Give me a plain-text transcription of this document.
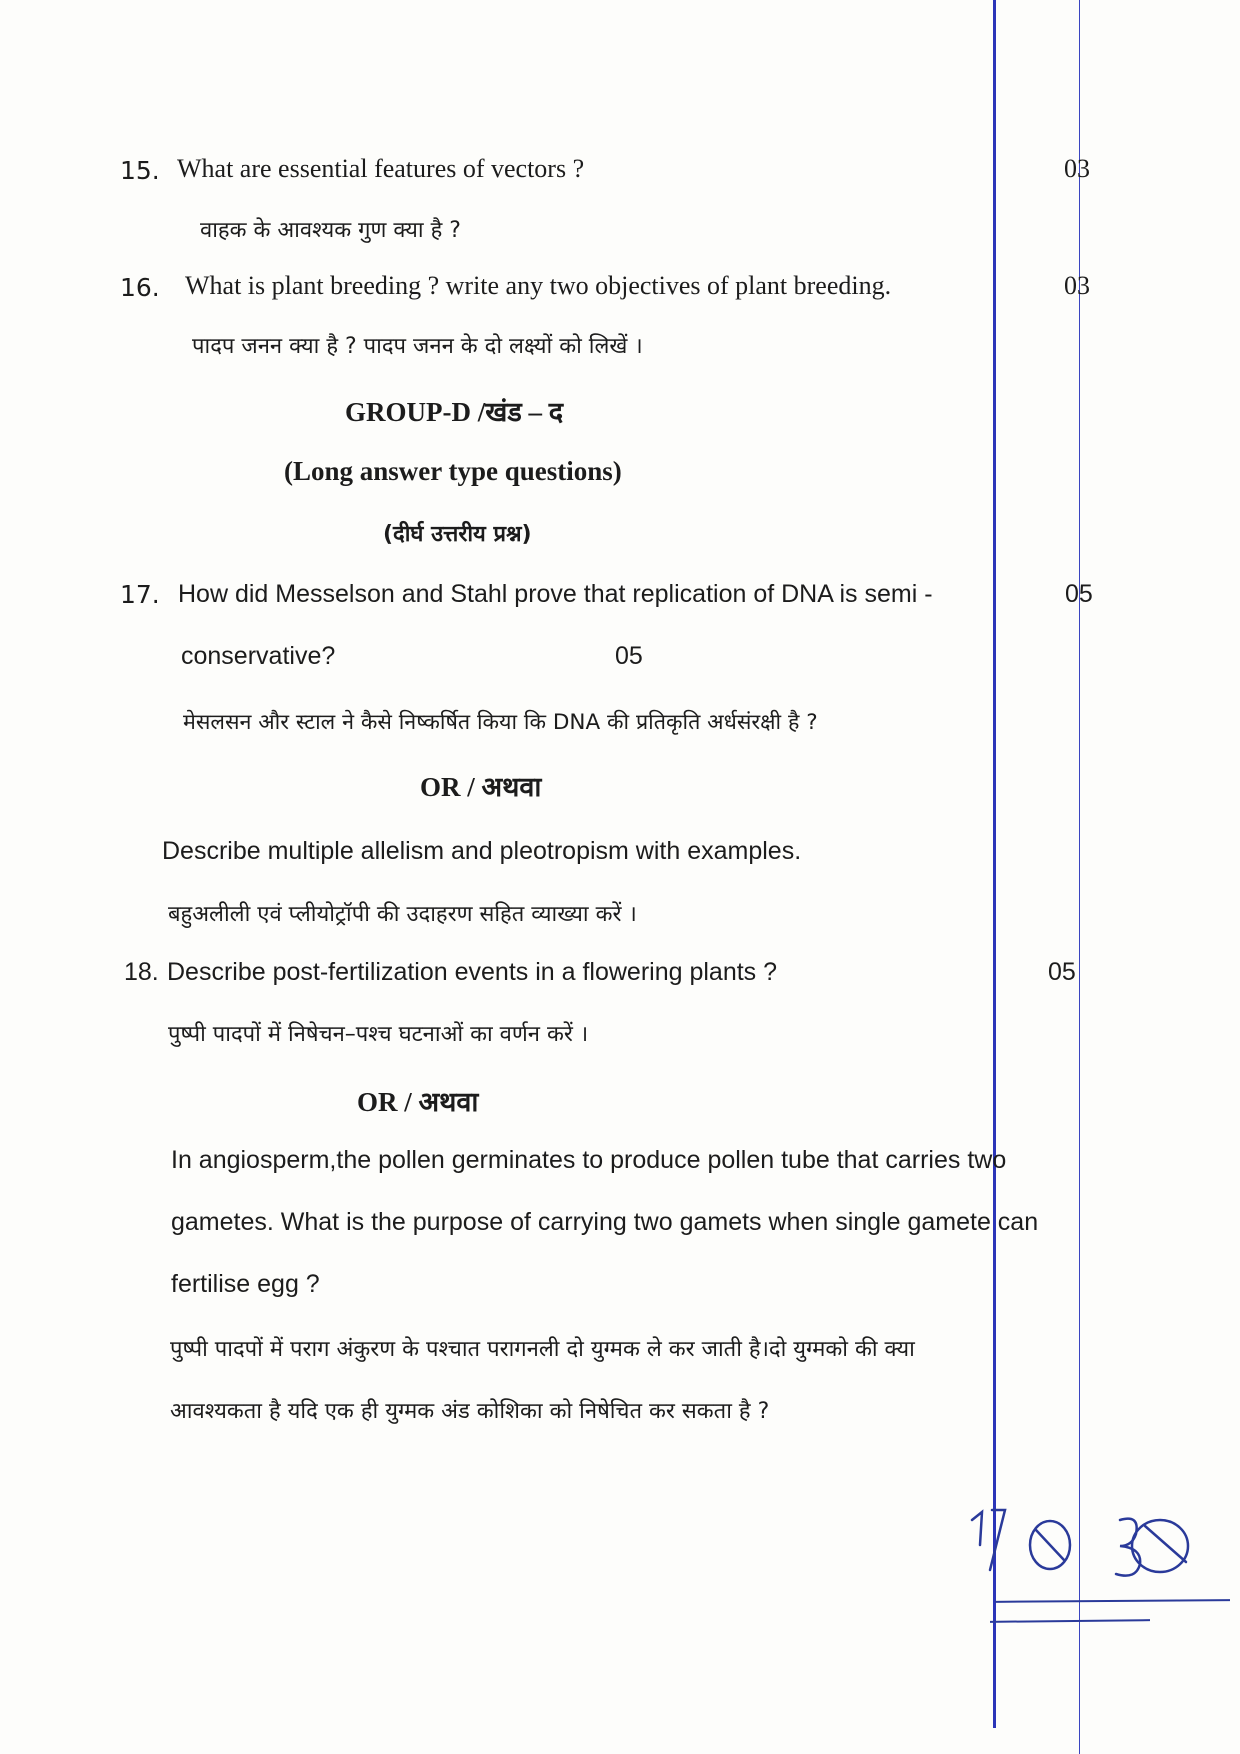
15. What are essential features of vectors ?	03
वाहक के आवश्यक गुण क्या है ?
16. What is plant breeding ? write any two objectives of plant breeding.	03
पादप जनन क्या है ? पादप जनन के दो लक्ष्यों को लिखें ।
GROUP-D /खंड – द
(Long answer type questions)
(दीर्घ उत्तरीय प्रश्न)
17. How did Messelson and Stahl prove that replication of DNA is semi -	05
conservative?	05
मेसलसन और स्टाल ने कैसे निष्कर्षित किया कि DNA की प्रतिकृति अर्धसंरक्षी है ?
OR / अथवा
Describe multiple allelism and pleotropism with examples.
बहुअलीली एवं प्लीयोट्रॉपी की उदाहरण सहित व्याख्या करें ।
18. Describe post-fertilization events in a flowering plants ?	05
पुष्पी पादपों में निषेचन–पश्च घटनाओं का वर्णन करें ।
OR / अथवा
In angiosperm,the pollen germinates to produce pollen tube that carries two
gametes. What is the purpose of carrying two gamets when single gamete can
fertilise egg ?
पुष्पी पादपों में पराग अंकुरण के पश्चात परागनली दो युग्मक ले कर जाती है।दो युग्मको की क्या
आवश्यकता है यदि एक ही युग्मक अंड कोशिका को निषेचित कर सकता है ?
